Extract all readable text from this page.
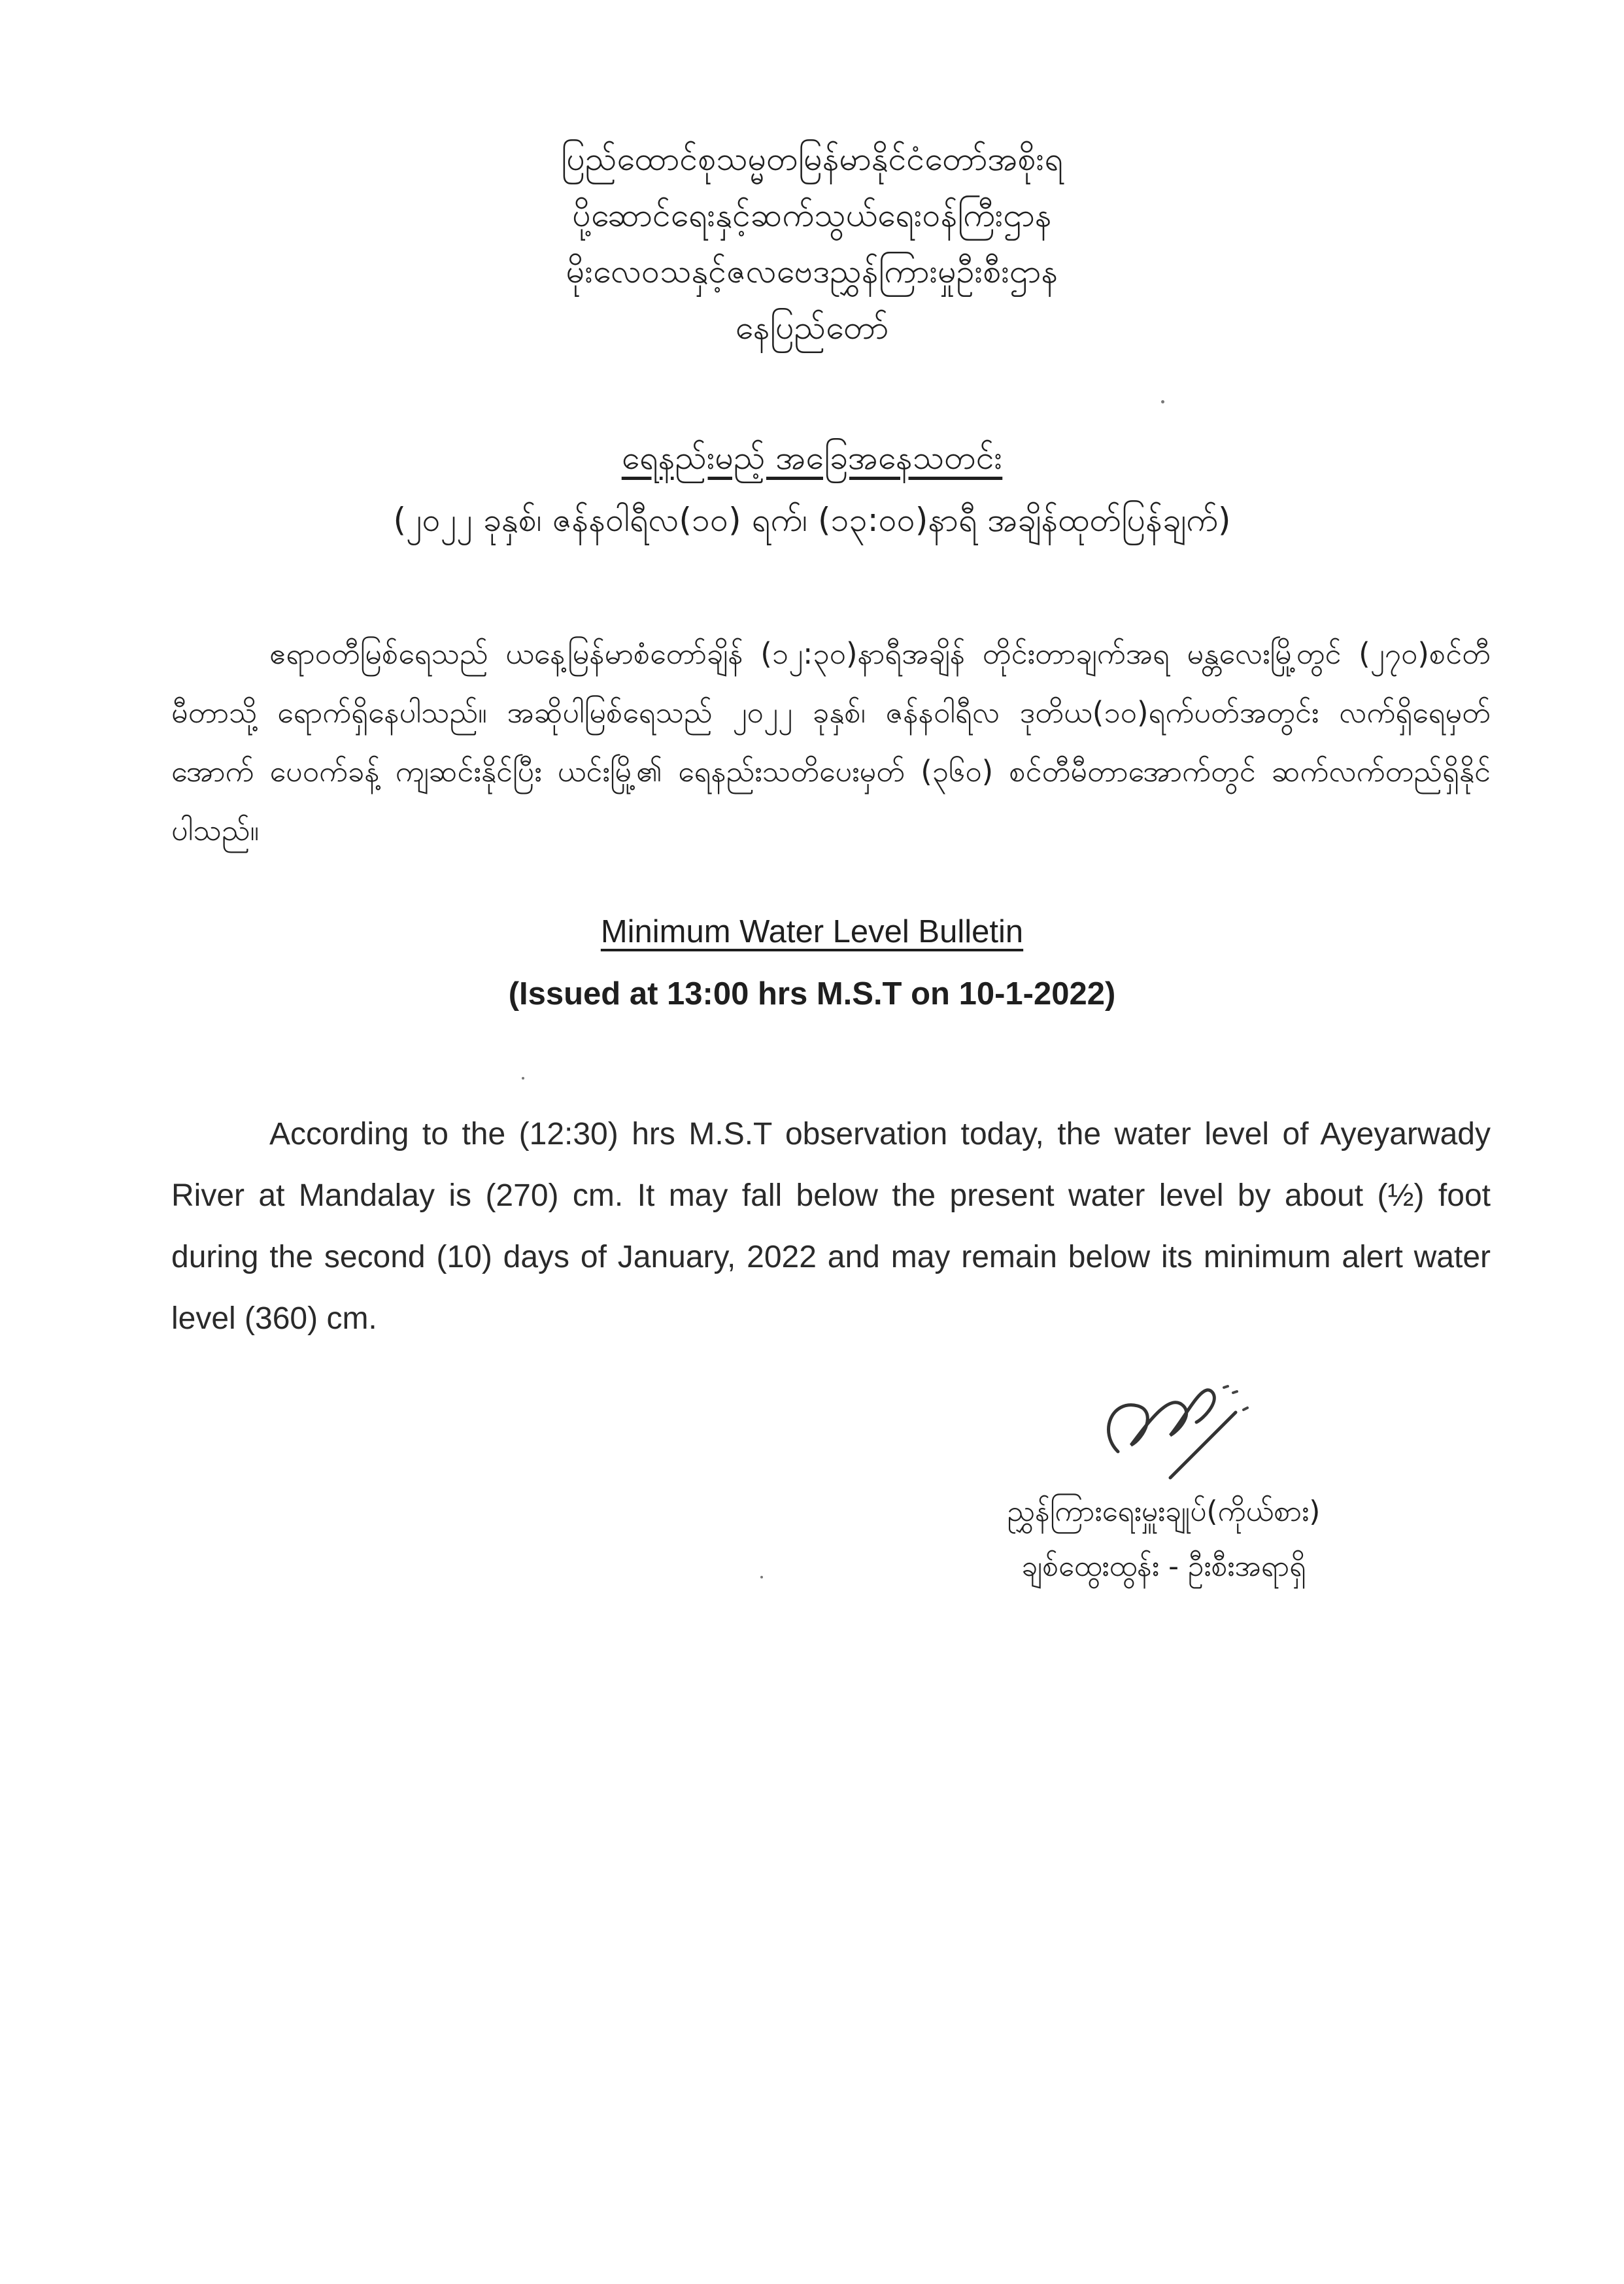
ပြည်ထောင်စုသမ္မတမြန်မာနိုင်ငံတော်အစိုးရ
ပို့ဆောင်ရေးနှင့်ဆက်သွယ်ရေးဝန်ကြီးဌာန
မိုးလေဝသနှင့်ဇလဗေဒညွှန်ကြားမှုဦးစီးဌာန
နေပြည်တော်
ရေနည်းမည့် အခြေအနေသတင်း
(၂၀၂၂ ခုနှစ်၊ ဇန်နဝါရီလ(၁၀) ရက်၊ (၁၃:၀၀)နာရီ အချိန်ထုတ်ပြန်ချက်)

ဧရာဝတီမြစ်ရေသည် ယနေ့မြန်မာစံတော်ချိန် (၁၂:၃၀)နာရီအချိန် တိုင်းတာချက်အရ မန္တလေးမြို့တွင် (၂၇၀)စင်တီမီတာသို့ ရောက်ရှိနေပါသည်။ အဆိုပါမြစ်ရေသည် ၂၀၂၂ ခုနှစ်၊ ဇန်နဝါရီလ ဒုတိယ(၁၀)ရက်ပတ်အတွင်း လက်ရှိရေမှတ်အောက် ပေဝက်ခန့် ကျဆင်းနိုင်ပြီး ယင်းမြို့၏ ရေနည်းသတိပေးမှတ် (၃၆၀) စင်တီမီတာအောက်တွင် ဆက်လက်တည်ရှိနိုင်ပါသည်။

Minimum Water Level Bulletin
(Issued at 13:00 hrs M.S.T on 10-1-2022)

According to the (12:30) hrs M.S.T observation today, the water level of Ayeyarwady River at Mandalay is (270) cm. It may fall below the present water level by about (½) foot during the second (10) days of January, 2022 and may remain below its minimum alert water level (360) cm.

ညွှန်ကြားရေးမှူးချုပ်(ကိုယ်စား)
ချစ်ထွေးထွန်း - ဦးစီးအရာရှိ
